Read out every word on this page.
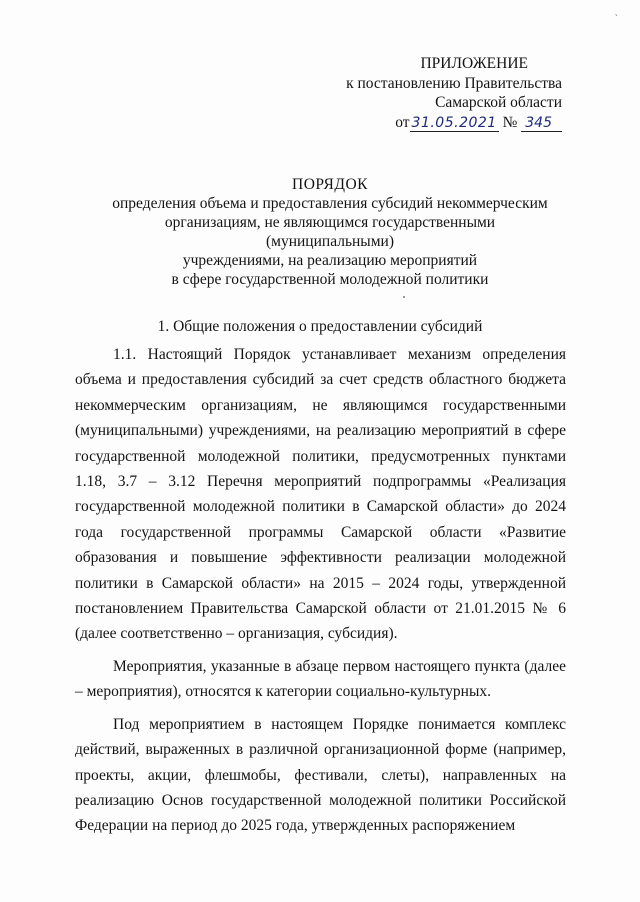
ˋ
ПРИЛОЖЕНИЕ
к постановлению Правительства
Самарской области
от 31.05.2021 № 345
ПОРЯДОК
определения объема и предоставления субсидий некоммерческим
организациям, не являющимся государственными (муниципальными)
учреждениями, на реализацию мероприятий
в сфере государственной молодежной политики
1. Общие положения о предоставлении субсидий

1.1. Настоящий Порядок устанавливает механизм определения объема и предоставления субсидий за счет средств областного бюджета некоммерческим организациям, не являющимся государственными (муниципальными) учреждениями, на реализацию мероприятий в сфере государственной молодежной политики, предусмотренных пунктами 1.18, 3.7 – 3.12 Перечня мероприятий подпрограммы «Реализация государственной молодежной политики в Самарской области» до 2024 года государственной программы Самарской области «Развитие образования и повышение эффективности реализации молодежной политики в Самарской области» на 2015 – 2024 годы, утвержденной постановлением Правительства Самарской области от 21.01.2015 № 6 (далее соответственно – организация, субсидия).

Мероприятия, указанные в абзаце первом настоящего пункта (далее – мероприятия), относятся к категории социально-культурных.

Под мероприятием в настоящем Порядке понимается комплекс действий, выраженных в различной организационной форме (например, проекты, акции, флешмобы, фестивали, слеты), направленных на реализацию Основ государственной молодежной политики Российской Федерации на период до 2025 года, утвержденных распоряжением
